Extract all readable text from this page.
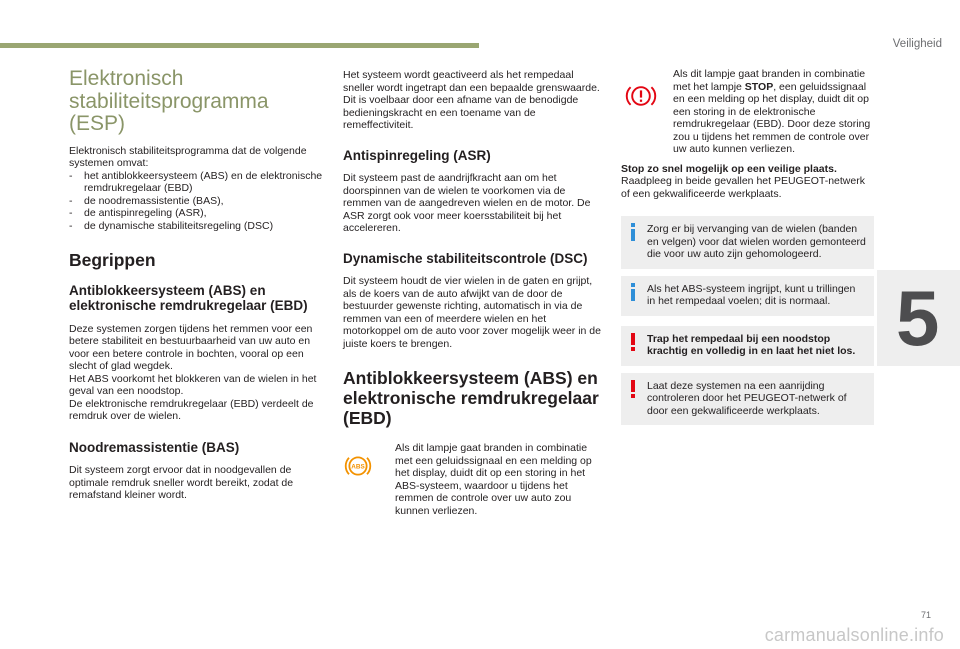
Veiligheid
5
Elektronisch stabiliteitsprogramma (ESP)

Elektronisch stabiliteitsprogramma dat de volgende systemen omvat:

- het antiblokkeersysteem (ABS) en de elektronische remdrukregelaar (EBD)
- de noodremassistentie (BAS),
- de antispinregeling (ASR),
- de dynamische stabiliteitsregeling (DSC)
Begrippen
Antiblokkeersysteem (ABS) en elektronische remdrukregelaar (EBD)

Deze systemen zorgen tijdens het remmen voor een betere stabiliteit en bestuurbaarheid van uw auto en voor een betere controle in bochten, vooral op een slecht of glad wegdek.
Het ABS voorkomt het blokkeren van de wielen in het geval van een noodstop.
De elektronische remdrukregelaar (EBD) verdeelt de remdruk over de wielen.

Noodremassistentie (BAS)

Dit systeem zorgt ervoor dat in noodgevallen de optimale remdruk sneller wordt bereikt, zodat de remafstand kleiner wordt.

Het systeem wordt geactiveerd als het rempedaal sneller wordt ingetrapt dan een bepaalde grenswaarde. Dit is voelbaar door een afname van de benodigde bedieningskracht en een toename van de remeffectiviteit.

Antispinregeling (ASR)

Dit systeem past de aandrijfkracht aan om het doorspinnen van de wielen te voorkomen via de remmen van de aangedreven wielen en de motor. De ASR zorgt ook voor meer koersstabiliteit bij het accelereren.

Dynamische stabiliteitscontrole (DSC)

Dit systeem houdt de vier wielen in de gaten en grijpt, als de koers van de auto afwijkt van de door de bestuurder gewenste richting, automatisch in via de remmen van een of meerdere wielen en het motorkoppel om de auto voor zover mogelijk weer in de juiste koers te brengen.

Antiblokkeersysteem (ABS) en elektronische remdrukregelaar (EBD)
ABS

Als dit lampje gaat branden in combinatie met een geluidssignaal en een melding op het display, duidt dit op een storing in het ABS-systeem, waardoor u tijdens het remmen de controle over uw auto zou kunnen verliezen.

Als dit lampje gaat branden in combinatie met het lampje STOP, een geluidssignaal en een melding op het display, duidt dit op een storing in de elektronische remdrukregelaar (EBD). Door deze storing zou u tijdens het remmen de controle over uw auto kunnen verliezen.

Stop zo snel mogelijk op een veilige plaats.

Raadpleeg in beide gevallen het PEUGEOT-netwerk of een gekwalificeerde werkplaats.

Zorg er bij vervanging van de wielen (banden en velgen) voor dat wielen worden gemonteerd die voor uw auto zijn gehomologeerd.

Als het ABS-systeem ingrijpt, kunt u trillingen in het rempedaal voelen; dit is normaal.

Trap het rempedaal bij een noodstop krachtig en volledig in en laat het niet los.

Laat deze systemen na een aanrijding controleren door het PEUGEOT-netwerk of door een gekwalificeerde werkplaats.

71
carmanualsonline.info
